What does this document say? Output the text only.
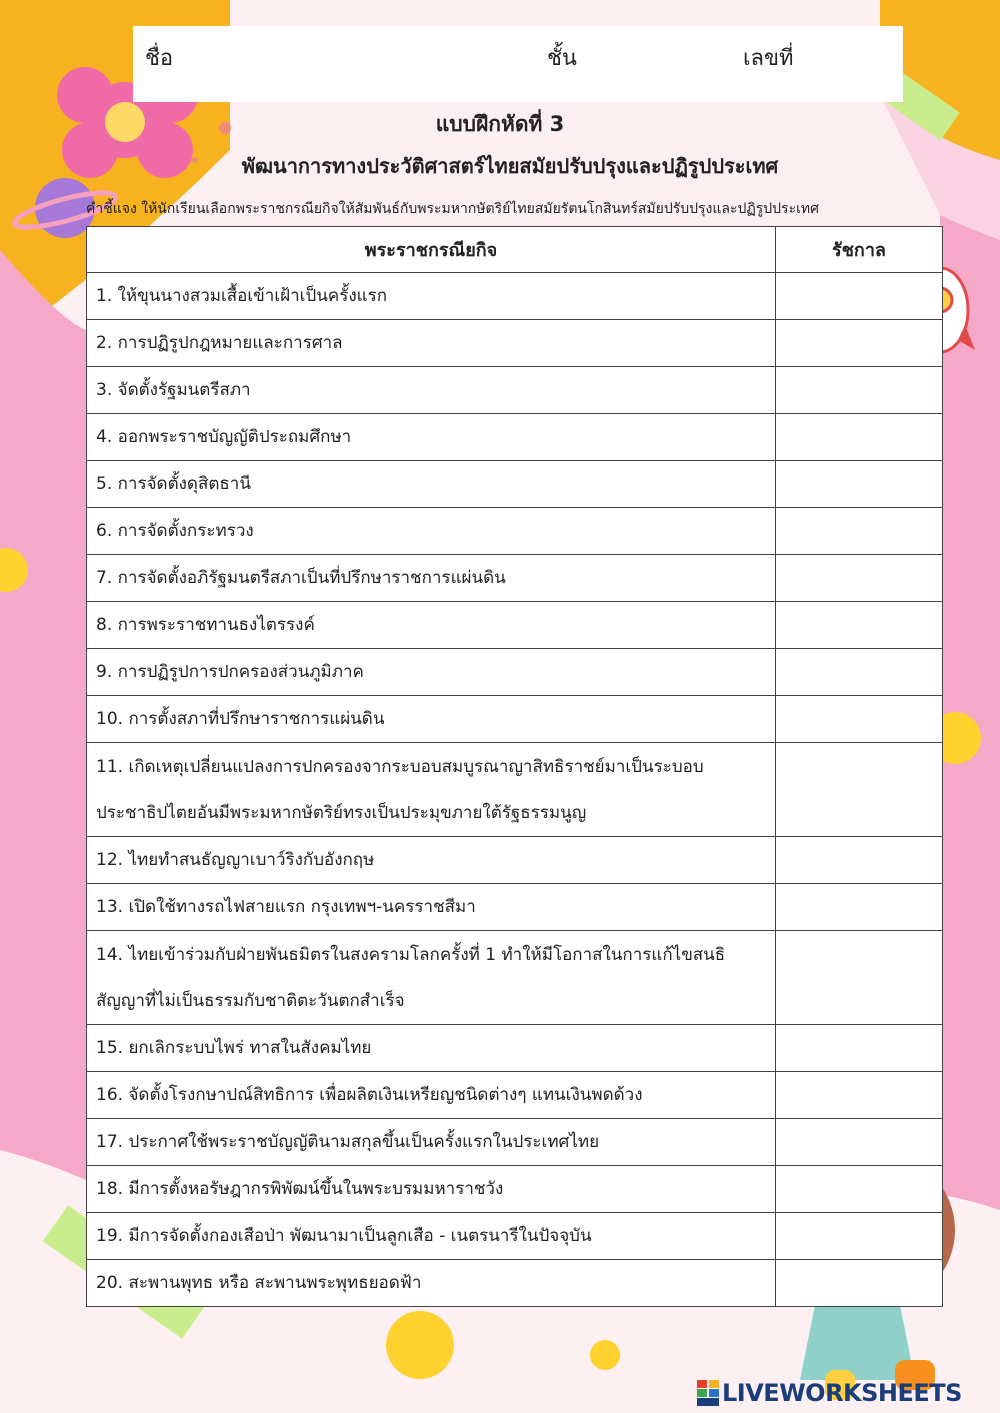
ชื่อ	ชั้น	เลขที่
แบบฝึกหัดที่ 3
พัฒนาการทางประวัติศาสตร์ไทยสมัยปรับปรุงและปฏิรูปประเทศ
คำชี้แจง ให้นักเรียนเลือกพระราชกรณียกิจให้สัมพันธ์กับพระมหากษัตริย์ไทยสมัยรัตนโกสินทร์สมัยปรับปรุงและปฏิรูปประเทศ
พระราชกรณียกิจ	รัชกาล
1. ให้ขุนนางสวมเสื้อเข้าเฝ้าเป็นครั้งแรก	
2. การปฏิรูปกฎหมายและการศาล	
3. จัดตั้งรัฐมนตรีสภา	
4. ออกพระราชบัญญัติประถมศึกษา	
5. การจัดตั้งดุสิตธานี	
6. การจัดตั้งกระทรวง	
7. การจัดตั้งอภิรัฐมนตรีสภาเป็นที่ปรึกษาราชการแผ่นดิน	
8. การพระราชทานธงไตรรงค์	
9. การปฏิรูปการปกครองส่วนภูมิภาค	
10. การตั้งสภาที่ปรึกษาราชการแผ่นดิน	
11. เกิดเหตุเปลี่ยนแปลงการปกครองจากระบอบสมบูรณาญาสิทธิราชย์มาเป็นระบอบประชาธิปไตยอันมีพระมหากษัตริย์ทรงเป็นประมุขภายใต้รัฐธรรมนูญ	
12. ไทยทำสนธัญญาเบาว์ริงกับอังกฤษ	
13. เปิดใช้ทางรถไฟสายแรก กรุงเทพฯ-นครราชสีมา	
14. ไทยเข้าร่วมกับฝ่ายพันธมิตรในสงครามโลกครั้งที่ 1 ทำให้มีโอกาสในการแก้ไขสนธิสัญญาที่ไม่เป็นธรรมกับชาติตะวันตกสำเร็จ	
15. ยกเลิกระบบไพร่ ทาสในสังคมไทย	
16. จัดตั้งโรงกษาปณ์สิทธิการ เพื่อผลิตเงินเหรียญชนิดต่างๆ แทนเงินพดด้วง	
17. ประกาศใช้พระราชบัญญัตินามสกุลขึ้นเป็นครั้งแรกในประเทศไทย	
18. มีการตั้งหอรัษฎากรพิพัฒน์ขึ้นในพระบรมมหาราชวัง	
19. มีการจัดตั้งกองเสือป่า พัฒนามาเป็นลูกเสือ - เนตรนารีในปัจจุบัน	
20. สะพานพุทธ หรือ สะพานพระพุทธยอดฟ้า	
LIVEWORKSHEETS
